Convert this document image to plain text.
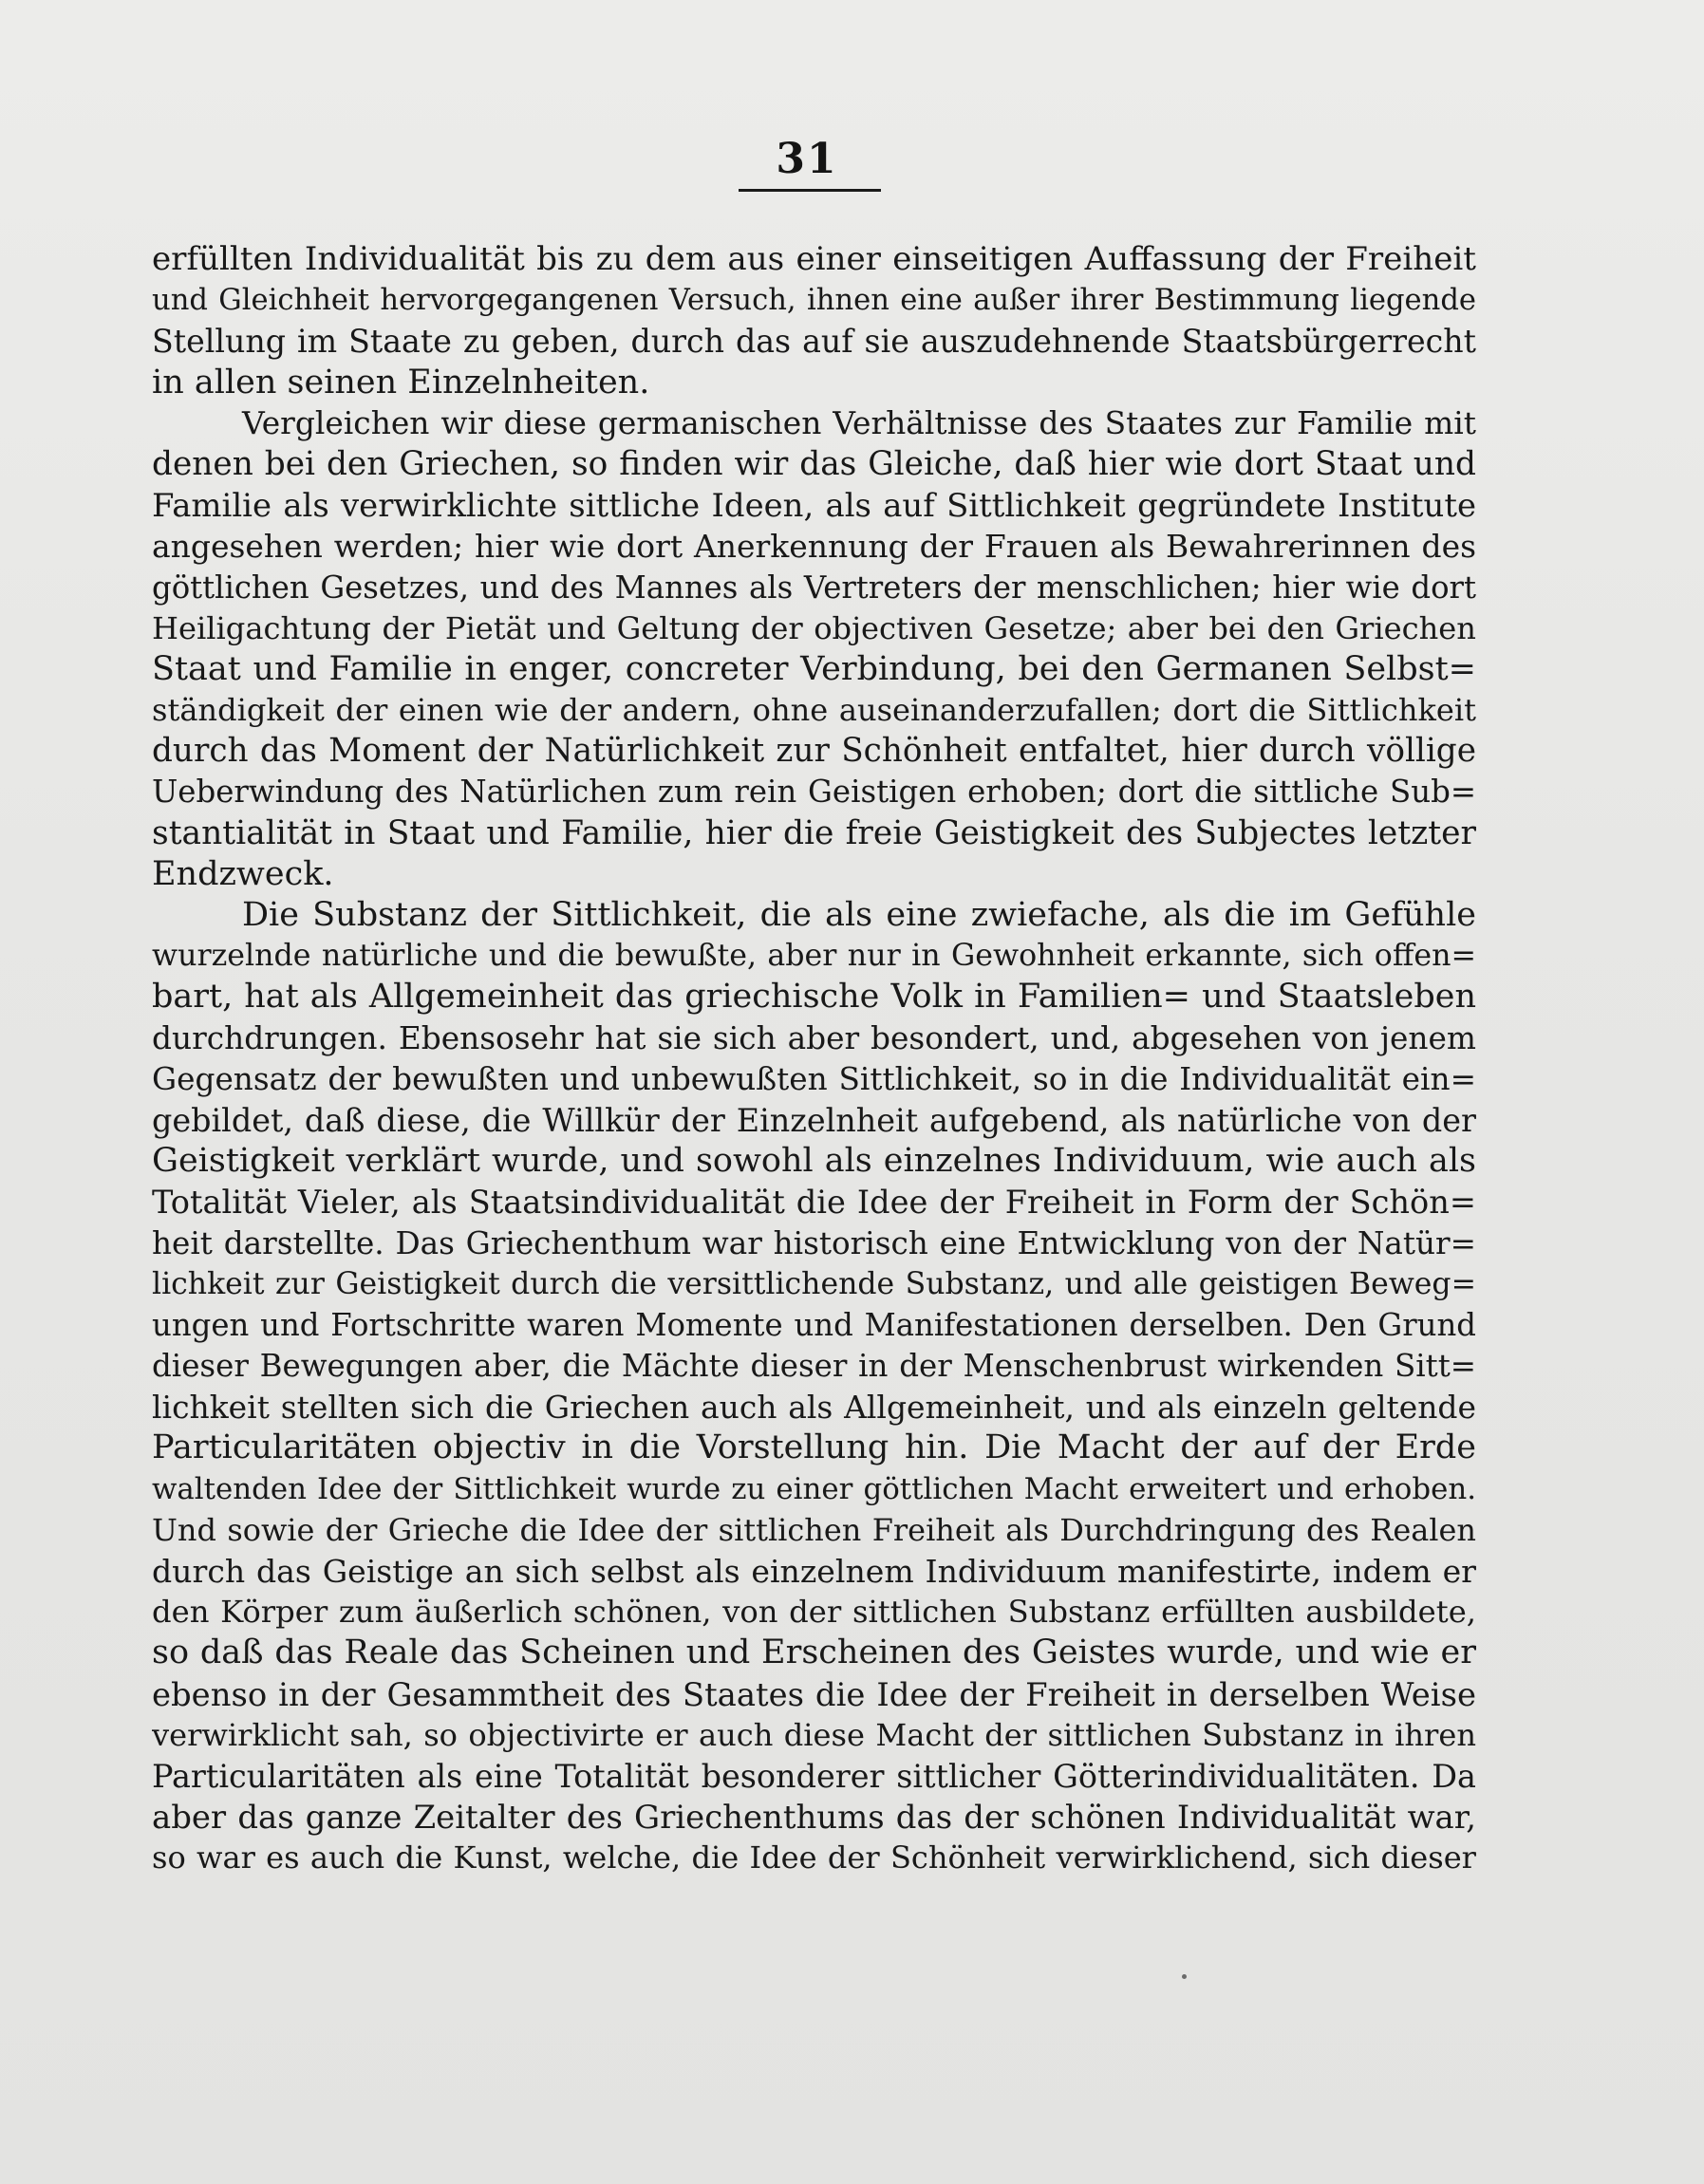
31
erfüllten Individualität bis zu dem aus einer einseitigen Auffassung der Freiheit
und Gleichheit hervorgegangenen Versuch, ihnen eine außer ihrer Bestimmung liegende
Stellung im Staate zu geben, durch das auf sie auszudehnende Staatsbürgerrecht
in allen seinen Einzelnheiten.
Vergleichen wir diese germanischen Verhältnisse des Staates zur Familie mit
denen bei den Griechen, so finden wir das Gleiche, daß hier wie dort Staat und
Familie als verwirklichte sittliche Ideen, als auf Sittlichkeit gegründete Institute
angesehen werden; hier wie dort Anerkennung der Frauen als Bewahrerinnen des
göttlichen Gesetzes, und des Mannes als Vertreters der menschlichen; hier wie dort
Heiligachtung der Pietät und Geltung der objectiven Gesetze; aber bei den Griechen
Staat und Familie in enger, concreter Verbindung, bei den Germanen Selbst=
ständigkeit der einen wie der andern, ohne auseinanderzufallen; dort die Sittlichkeit
durch das Moment der Natürlichkeit zur Schönheit entfaltet, hier durch völlige
Ueberwindung des Natürlichen zum rein Geistigen erhoben; dort die sittliche Sub=
stantialität in Staat und Familie, hier die freie Geistigkeit des Subjectes letzter
Endzweck.
Die Substanz der Sittlichkeit, die als eine zwiefache, als die im Gefühle
wurzelnde natürliche und die bewußte, aber nur in Gewohnheit erkannte, sich offen=
bart, hat als Allgemeinheit das griechische Volk in Familien= und Staatsleben
durchdrungen. Ebensosehr hat sie sich aber besondert, und, abgesehen von jenem
Gegensatz der bewußten und unbewußten Sittlichkeit, so in die Individualität ein=
gebildet, daß diese, die Willkür der Einzelnheit aufgebend, als natürliche von der
Geistigkeit verklärt wurde, und sowohl als einzelnes Individuum, wie auch als
Totalität Vieler, als Staatsindividualität die Idee der Freiheit in Form der Schön=
heit darstellte. Das Griechenthum war historisch eine Entwicklung von der Natür=
lichkeit zur Geistigkeit durch die versittlichende Substanz, und alle geistigen Beweg=
ungen und Fortschritte waren Momente und Manifestationen derselben. Den Grund
dieser Bewegungen aber, die Mächte dieser in der Menschenbrust wirkenden Sitt=
lichkeit stellten sich die Griechen auch als Allgemeinheit, und als einzeln geltende
Particularitäten objectiv in die Vorstellung hin. Die Macht der auf der Erde
waltenden Idee der Sittlichkeit wurde zu einer göttlichen Macht erweitert und erhoben.
Und sowie der Grieche die Idee der sittlichen Freiheit als Durchdringung des Realen
durch das Geistige an sich selbst als einzelnem Individuum manifestirte, indem er
den Körper zum äußerlich schönen, von der sittlichen Substanz erfüllten ausbildete,
so daß das Reale das Scheinen und Erscheinen des Geistes wurde, und wie er
ebenso in der Gesammtheit des Staates die Idee der Freiheit in derselben Weise
verwirklicht sah, so objectivirte er auch diese Macht der sittlichen Substanz in ihren
Particularitäten als eine Totalität besonderer sittlicher Götterindividualitäten. Da
aber das ganze Zeitalter des Griechenthums das der schönen Individualität war,
so war es auch die Kunst, welche, die Idee der Schönheit verwirklichend, sich dieser
